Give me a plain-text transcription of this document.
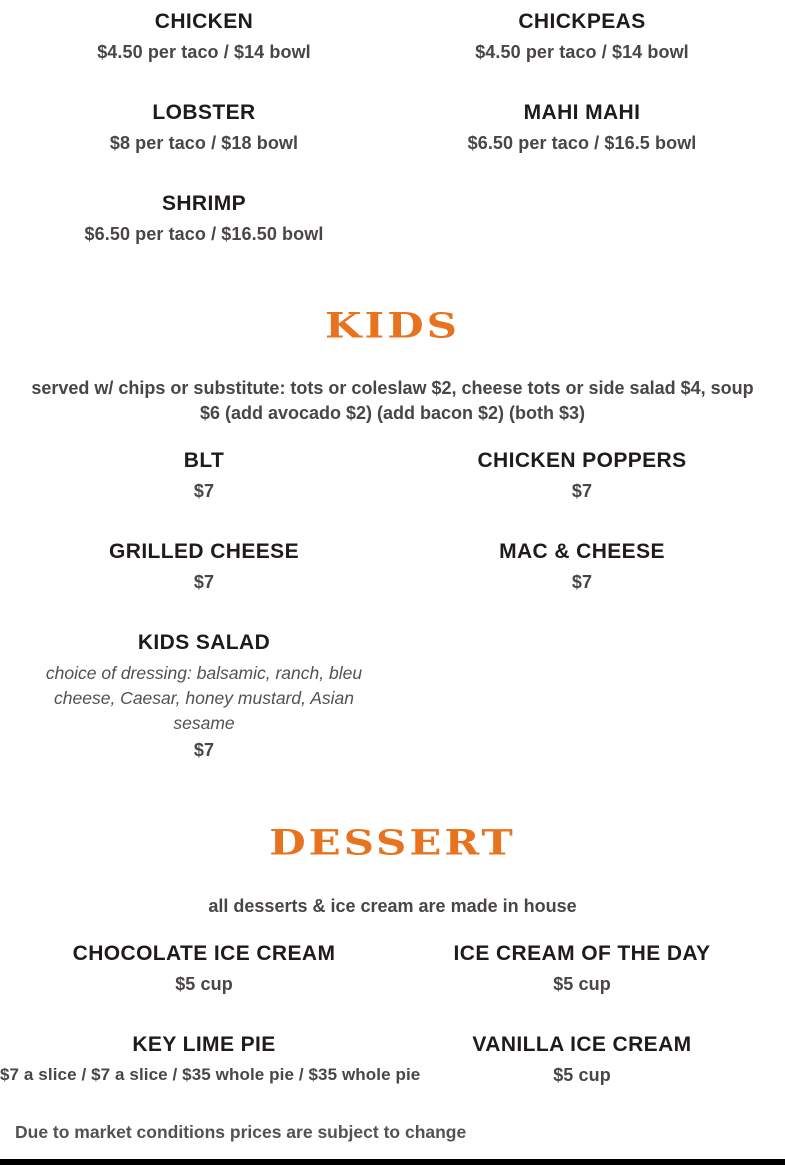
CHICKEN
$4.50 per taco / $14 bowl
CHICKPEAS
$4.50 per taco / $14 bowl
LOBSTER
$8 per taco / $18 bowl
MAHI MAHI
$6.50 per taco / $16.5 bowl
SHRIMP
$6.50 per taco / $16.50 bowl
KIDS
served w/ chips or substitute: tots or coleslaw $2, cheese tots or side salad $4, soup $6 (add avocado $2) (add bacon $2) (both $3)
BLT
$7
CHICKEN POPPERS
$7
GRILLED CHEESE
$7
MAC & CHEESE
$7
KIDS SALAD
choice of dressing: balsamic, ranch, bleu cheese, Caesar, honey mustard, Asian sesame
$7
DESSERT
all desserts & ice cream are made in house
CHOCOLATE ICE CREAM
$5 cup
ICE CREAM OF THE DAY
$5 cup
KEY LIME PIE
$7 a slice / $7 a slice / $35 whole pie / $35 whole pie
VANILLA ICE CREAM
$5 cup
Due to market conditions prices are subject to change
